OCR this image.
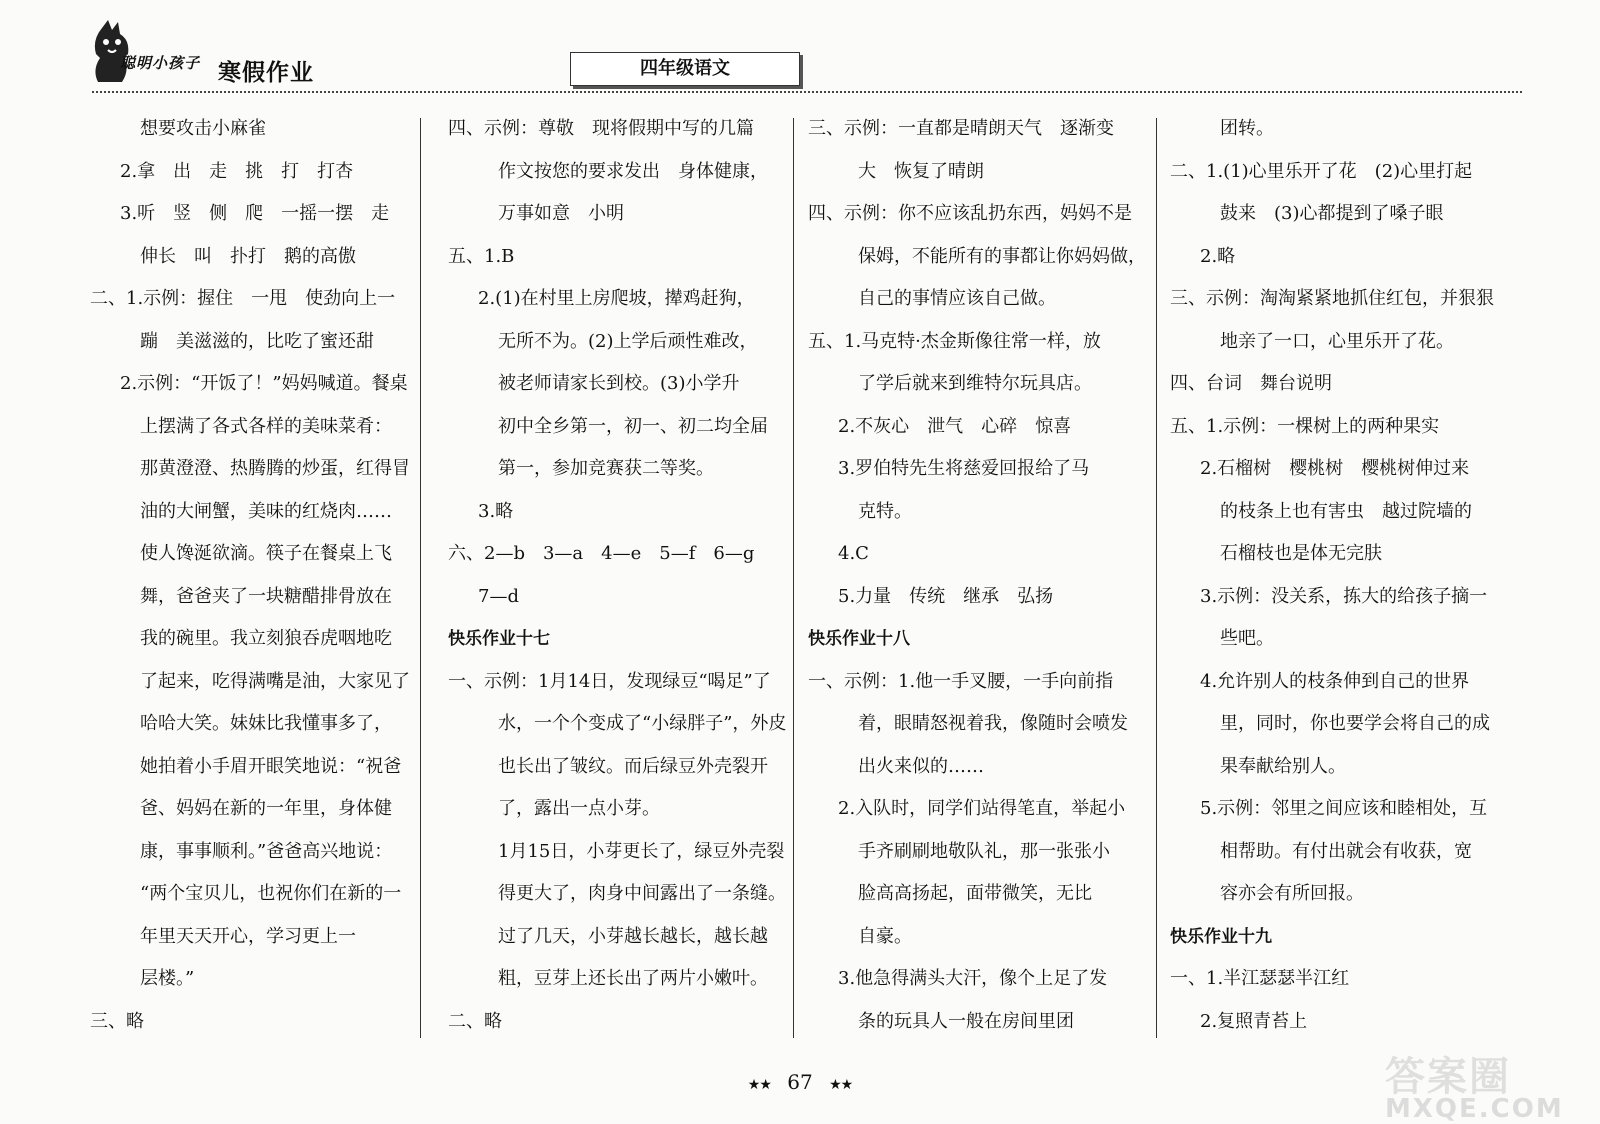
聪明小孩子 寒假作业	四年级语文
想要攻击小麻雀
2.拿　出　走　挑　打　打杏
3.听　竖　侧　爬　一摇一摆　走
伸长　叫　扑打　鹅的高傲
二、1.示例：握住　一甩　使劲向上一
蹦　美滋滋的，比吃了蜜还甜
2.示例：“开饭了！”妈妈喊道。餐桌
上摆满了各式各样的美味菜肴：
那黄澄澄、热腾腾的炒蛋，红得冒
油的大闸蟹，美味的红烧肉……
使人馋涎欲滴。筷子在餐桌上飞
舞，爸爸夹了一块糖醋排骨放在
我的碗里。我立刻狼吞虎咽地吃
了起来，吃得满嘴是油，大家见了
哈哈大笑。妹妹比我懂事多了，
她拍着小手眉开眼笑地说：“祝爸
爸、妈妈在新的一年里，身体健
康，事事顺利。”爸爸高兴地说：
“两个宝贝儿，也祝你们在新的一
年里天天开心，学习更上一
层楼。”
三、略
四、示例：尊敬　现将假期中写的几篇
作文按您的要求发出　身体健康，
万事如意　小明
五、1.B
2.(1)在村里上房爬坡，撵鸡赶狗，
无所不为。(2)上学后顽性难改，
被老师请家长到校。(3)小学升
初中全乡第一，初一、初二均全届
第一，参加竞赛获二等奖。
3.略
六、2—b　3—a　4—e　5—f　6—g
7—d
快乐作业十七
一、示例：1月14日，发现绿豆“喝足”了
水，一个个变成了“小绿胖子”，外皮
也长出了皱纹。而后绿豆外壳裂开
了，露出一点小芽。
1月15日，小芽更长了，绿豆外壳裂
得更大了，肉身中间露出了一条缝。
过了几天，小芽越长越长，越长越
粗，豆芽上还长出了两片小嫩叶。
二、略
三、示例：一直都是晴朗天气　逐渐变
大　恢复了晴朗
四、示例：你不应该乱扔东西，妈妈不是
保姆，不能所有的事都让你妈妈做，
自己的事情应该自己做。
五、1.马克特·杰金斯像往常一样，放
了学后就来到维特尔玩具店。
2.不灰心　泄气　心碎　惊喜
3.罗伯特先生将慈爱回报给了马
克特。
4.C
5.力量　传统　继承　弘扬
快乐作业十八
一、示例：1.他一手叉腰，一手向前指
着，眼睛怒视着我，像随时会喷发
出火来似的……
2.入队时，同学们站得笔直，举起小
手齐刷刷地敬队礼，那一张张小
脸高高扬起，面带微笑，无比
自豪。
3.他急得满头大汗，像个上足了发
条的玩具人一般在房间里团
团转。
二、1.(1)心里乐开了花　(2)心里打起
鼓来　(3)心都提到了嗓子眼
2.略
三、示例：淘淘紧紧地抓住红包，并狠狠
地亲了一口，心里乐开了花。
四、台词　舞台说明
五、1.示例：一棵树上的两种果实
2.石榴树　樱桃树　樱桃树伸过来
的枝条上也有害虫　越过院墙的
石榴枝也是体无完肤
3.示例：没关系，拣大的给孩子摘一
些吧。
4.允许别人的枝条伸到自己的世界
里，同时，你也要学会将自己的成
果奉献给别人。
5.示例：邻里之间应该和睦相处，互
相帮助。有付出就会有收获，宽
容亦会有所回报。
快乐作业十九
一、1.半江瑟瑟半江红
2.复照青苔上
★★ 67 ★★	答案圈
MXQE.COM
